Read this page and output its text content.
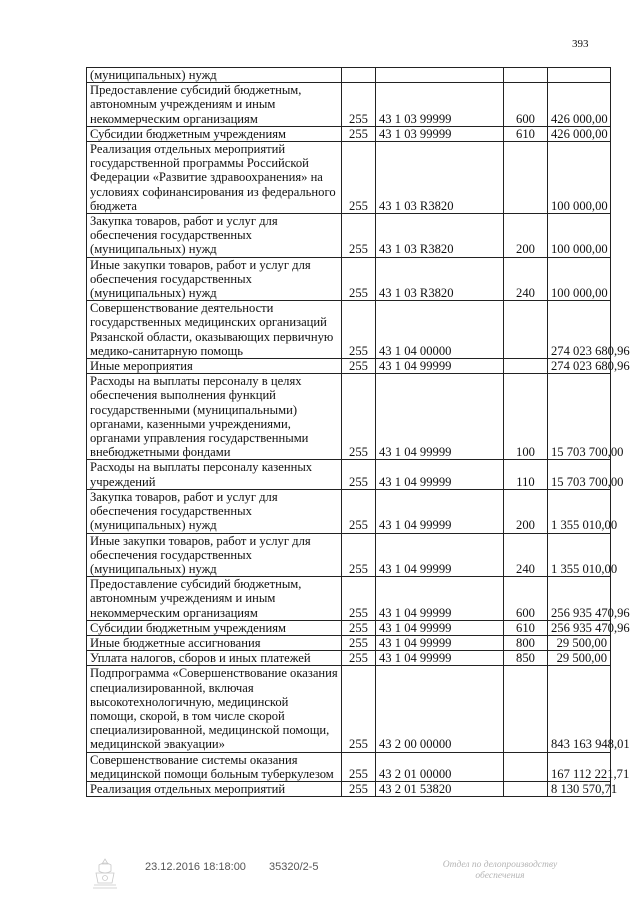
393
(муниципальных) нужд				
Предоставление субсидий бюджетным, автономным учреждениям и иным некоммерческим организациям	255	43 1 03 99999	600	426 000,00
Субсидии бюджетным учреждениям	255	43 1 03 99999	610	426 000,00
Реализация отдельных мероприятий государственной программы Российской Федерации «Развитие здравоохранения» на условиях софинансирования из федерального бюджета	255	43 1 03 R3820		100 000,00
Закупка товаров, работ и услуг для обеспечения государственных (муниципальных) нужд	255	43 1 03 R3820	200	100 000,00
Иные закупки товаров, работ и услуг для обеспечения государственных (муниципальных) нужд	255	43 1 03 R3820	240	100 000,00
Совершенствование деятельности государственных медицинских организаций Рязанской области, оказывающих первичную медико-санитарную помощь	255	43 1 04 00000		274 023 680,96
Иные мероприятия	255	43 1 04 99999		274 023 680,96
Расходы на выплаты персоналу в целях обеспечения выполнения функций государственными (муниципальными) органами, казенными учреждениями, органами управления государственными внебюджетными фондами	255	43 1 04 99999	100	15 703 700,00
Расходы на выплаты персоналу казенных учреждений	255	43 1 04 99999	110	15 703 700,00
Закупка товаров, работ и услуг для обеспечения государственных (муниципальных) нужд	255	43 1 04 99999	200	1 355 010,00
Иные закупки товаров, работ и услуг для обеспечения государственных (муниципальных) нужд	255	43 1 04 99999	240	1 355 010,00
Предоставление субсидий бюджетным, автономным учреждениям и иным некоммерческим организациям	255	43 1 04 99999	600	256 935 470,96
Субсидии бюджетным учреждениям	255	43 1 04 99999	610	256 935 470,96
Иные бюджетные ассигнования	255	43 1 04 99999	800	29 500,00
Уплата налогов, сборов и иных платежей	255	43 1 04 99999	850	29 500,00
Подпрограмма «Совершенствование оказания специализированной, включая высокотехнологичную, медицинской помощи, скорой, в том числе скорой специализированной, медицинской помощи, медицинской эвакуации»	255	43 2 00 00000		843 163 948,01
Совершенствование системы оказания медицинской помощи больным туберкулезом	255	43 2 01 00000		167 112 221,71
Реализация отдельных мероприятий	255	43 2 01 53820		8 130 570,71
23.12.2016 18:18:00 35320/2-5	Отдел по делопроизводству обеспечения
